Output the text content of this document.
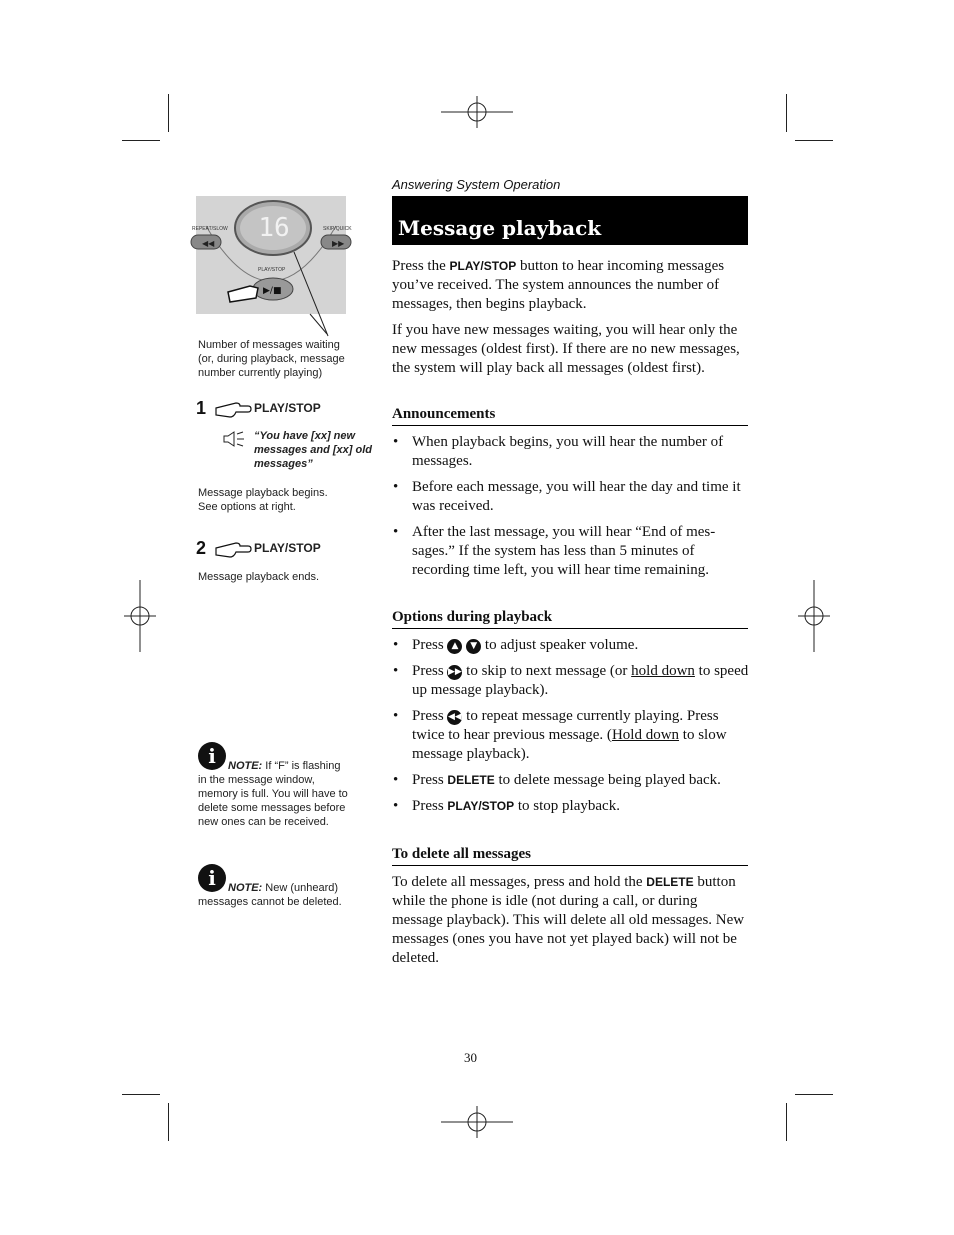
Answering System Operation
Message playback
◀◀	▶▶
▶/■
16
REPEAT/SLOW	SKIP/QUICK
PLAY/STOP
Number of messages waiting (or, during playback, message number currently playing)
1	PLAY/STOP
“You have [xx] new messages and [xx] old messages”
Message playback begins. See options at right.
2	PLAY/STOP
Message playback ends.
i	NOTE: If “F” is flashing in the message window, memory is full. You will have to delete some messages before new ones can be received.
i	NOTE: New (unheard) messages cannot be deleted.
Press the PLAY/STOP button to hear incoming messages you’ve received. The system announces the number of messages, then begins playback.
If you have new messages waiting, you will hear only the new messages (oldest first). If there are no new messages, the system will play back all messages (oldest first).
Announcements
• When playback begins, you will hear the number of messages.
• Before each message, you will hear the day and time it was received.
• After the last message, you will hear “End of mes-sages.” If the system has less than 5 minutes of recording time left, you will hear time remaining.
Options during playback
• Press ▲ ▼ to adjust speaker volume.
• Press ▶▶ to skip to next message (or hold down to speed up message playback).
• Press ◀◀ to repeat message currently playing. Press twice to hear previous message. (Hold down to slow message playback).
• Press DELETE to delete message being played back.
• Press PLAY/STOP to stop playback.
To delete all messages
To delete all messages, press and hold the DELETE button while the phone is idle (not during a call, or during message playback). This will delete all old messages. New messages (ones you have not yet played back) will not be deleted.
30
